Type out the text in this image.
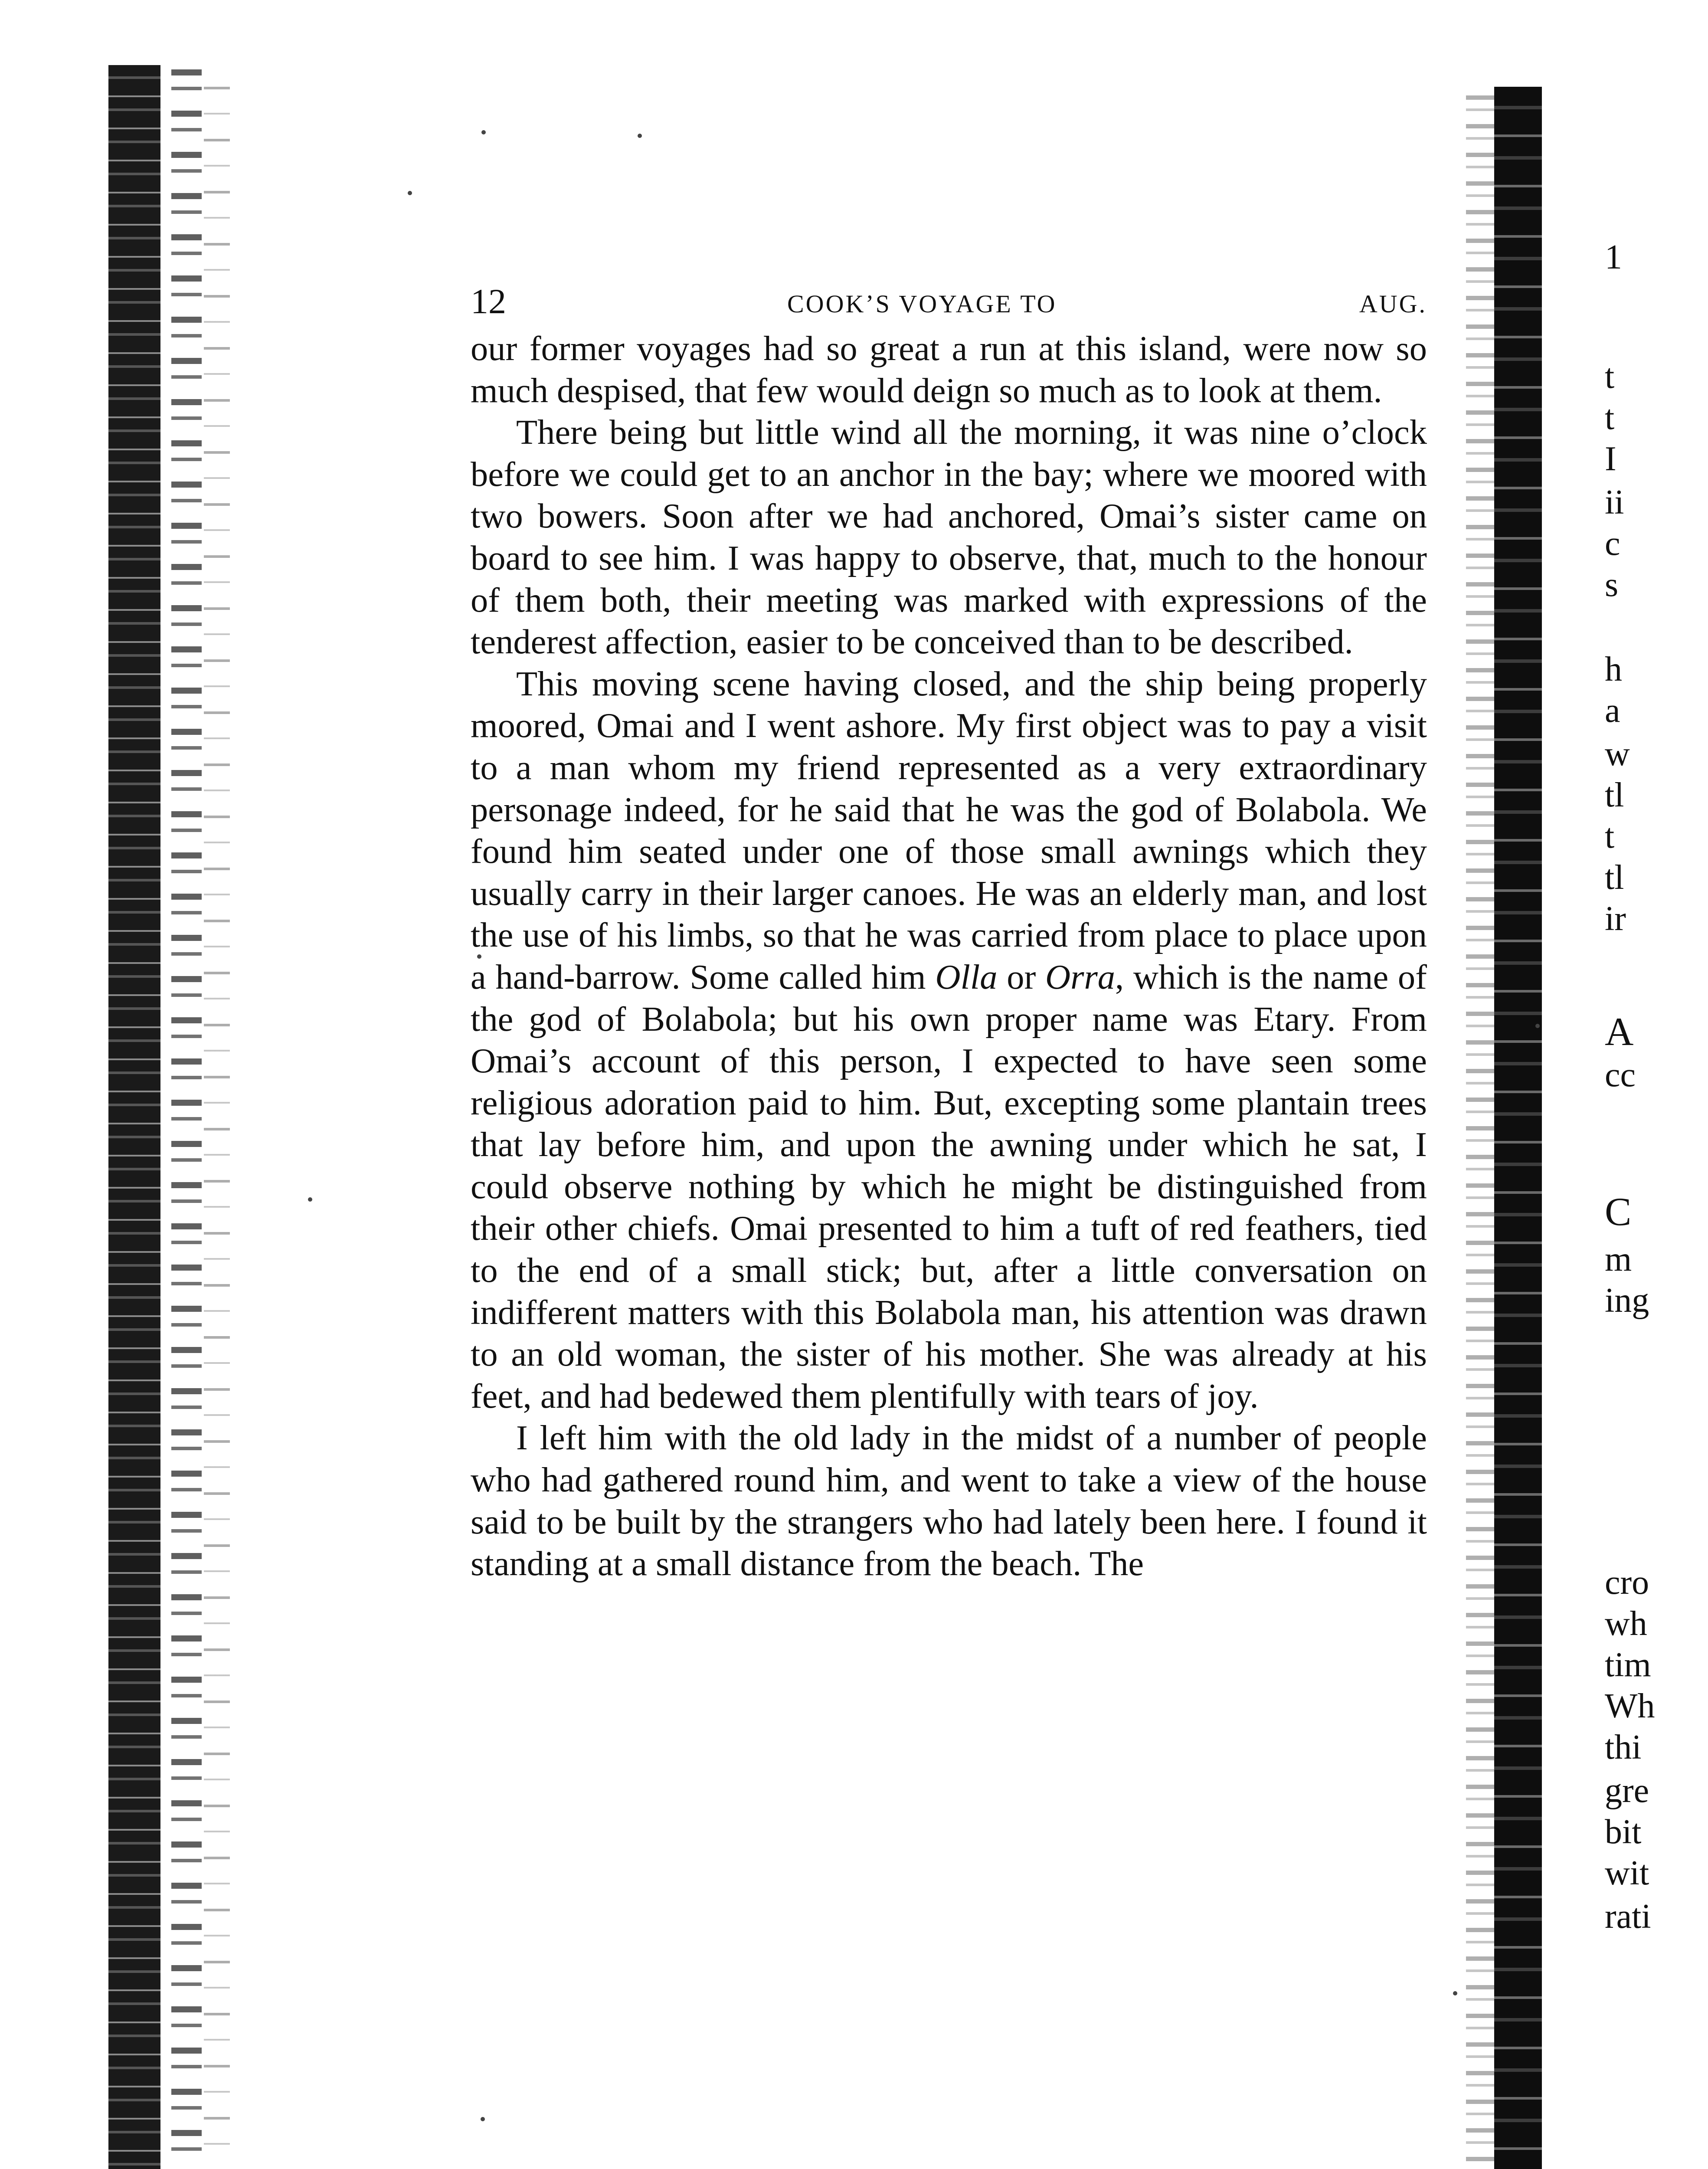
12	COOK’S VOYAGE TO	AUG.

our former voyages had so great a run at this island, were now so much despised, that few would deign so much as to look at them.

There being but little wind all the morning, it was nine o’clock before we could get to an anchor in the bay; where we moored with two bowers. Soon after we had anchored, Omai’s sister came on board to see him. I was happy to observe, that, much to the honour of them both, their meeting was marked with expressions of the tenderest affection, easier to be conceived than to be described.

This moving scene having closed, and the ship being properly moored, Omai and I went ashore. My first object was to pay a visit to a man whom my friend represented as a very extraordinary personage indeed, for he said that he was the god of Bolabola. We found him seated under one of those small awnings which they usually carry in their larger canoes. He was an elderly man, and lost the use of his limbs, so that he was carried from place to place upon a hand-barrow. Some called him Olla or Orra, which is the name of the god of Bolabola; but his own proper name was Etary. From Omai’s account of this person, I expected to have seen some religious adoration paid to him. But, excepting some plantain trees that lay before him, and upon the awning under which he sat, I could observe nothing by which he might be distinguished from their other chiefs. Omai presented to him a tuft of red feathers, tied to the end of a small stick; but, after a little conversation on indifferent matters with this Bolabola man, his attention was drawn to an old woman, the sister of his mother. She was already at his feet, and had bedewed them plentifully with tears of joy.

I left him with the old lady in the midst of a number of people who had gathered round him, and went to take a view of the house said to be built by the strangers who had lately been here. I found it standing at a small distance from the beach. The

1
t
t
I
ii
c
s
h
a
w
tl
t
tl
ir
A
cc
C
m
ing
cro
wh
tim
Wh
thi
gre
bit
wit
rati
